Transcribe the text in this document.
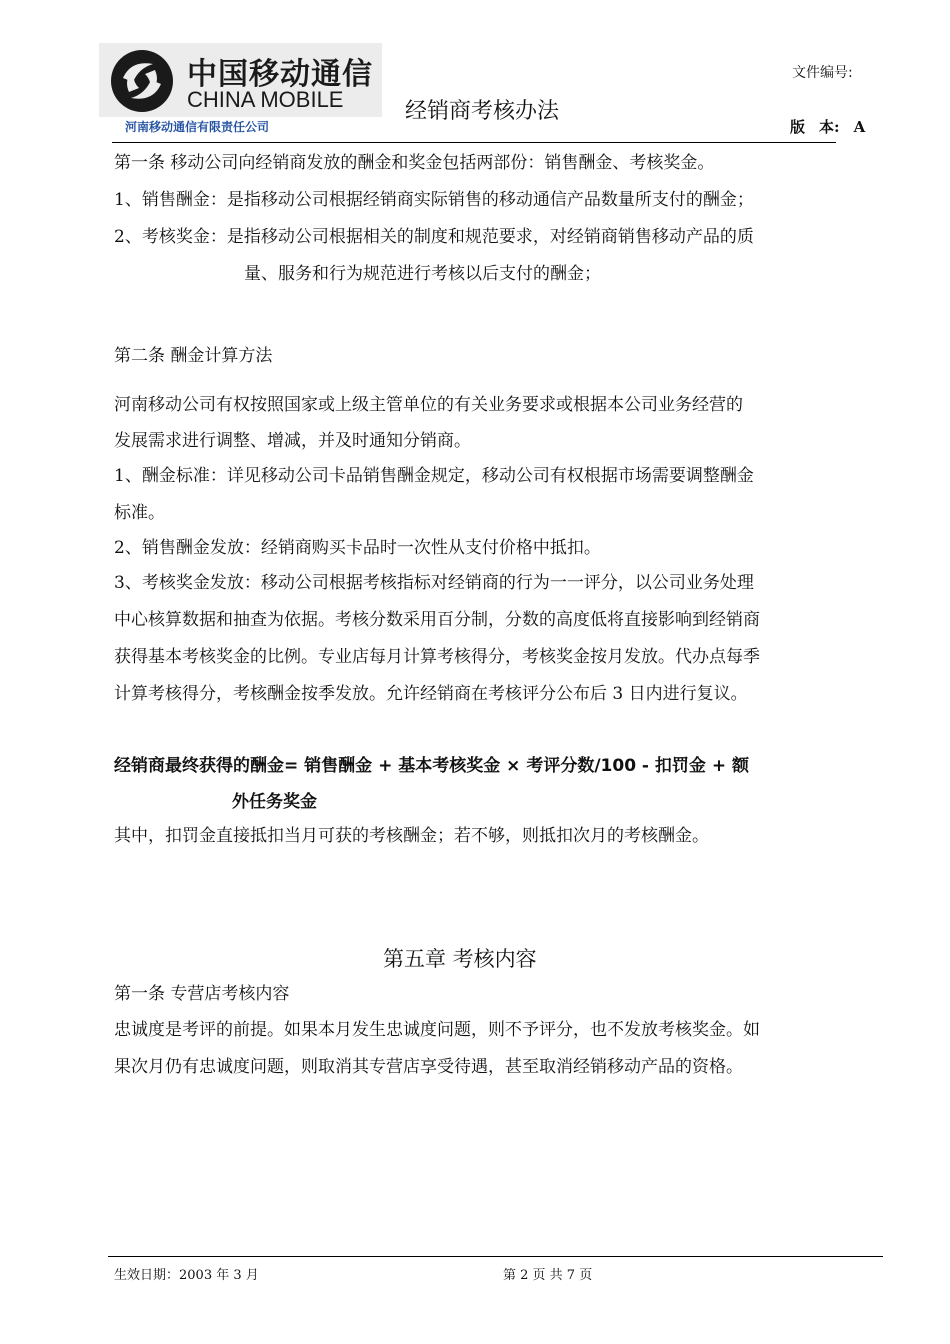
中国移动通信
CHINA MOBILE
河南移动通信有限责任公司
经销商考核办法
文件编号:
版 本: A
第一条 移动公司向经销商发放的酬金和奖金包括两部份：销售酬金、考核奖金。
1、销售酬金：是指移动公司根据经销商实际销售的移动通信产品数量所支付的酬金；
2、考核奖金：是指移动公司根据相关的制度和规范要求，对经销商销售移动产品的质
量、服务和行为规范进行考核以后支付的酬金；
第二条 酬金计算方法
河南移动公司有权按照国家或上级主管单位的有关业务要求或根据本公司业务经营的
发展需求进行调整、增减，并及时通知分销商。
1、酬金标准：详见移动公司卡品销售酬金规定，移动公司有权根据市场需要调整酬金
标准。
2、销售酬金发放：经销商购买卡品时一次性从支付价格中抵扣。
3、考核奖金发放：移动公司根据考核指标对经销商的行为一一评分，以公司业务处理
中心核算数据和抽查为依据。考核分数采用百分制，分数的高度低将直接影响到经销商
获得基本考核奖金的比例。专业店每月计算考核得分，考核奖金按月发放。代办点每季
计算考核得分，考核酬金按季发放。允许经销商在考核评分公布后 3 日内进行复议。
经销商最终获得的酬金= 销售酬金 + 基本考核奖金 × 考评分数/100 - 扣罚金 + 额
外任务奖金
其中，扣罚金直接抵扣当月可获的考核酬金；若不够，则抵扣次月的考核酬金。
第五章 考核内容
第一条 专营店考核内容
忠诚度是考评的前提。如果本月发生忠诚度问题，则不予评分，也不发放考核奖金。如
果次月仍有忠诚度问题，则取消其专营店享受待遇，甚至取消经销移动产品的资格。
生效日期：2003 年 3 月	第 2 页 共 7 页
